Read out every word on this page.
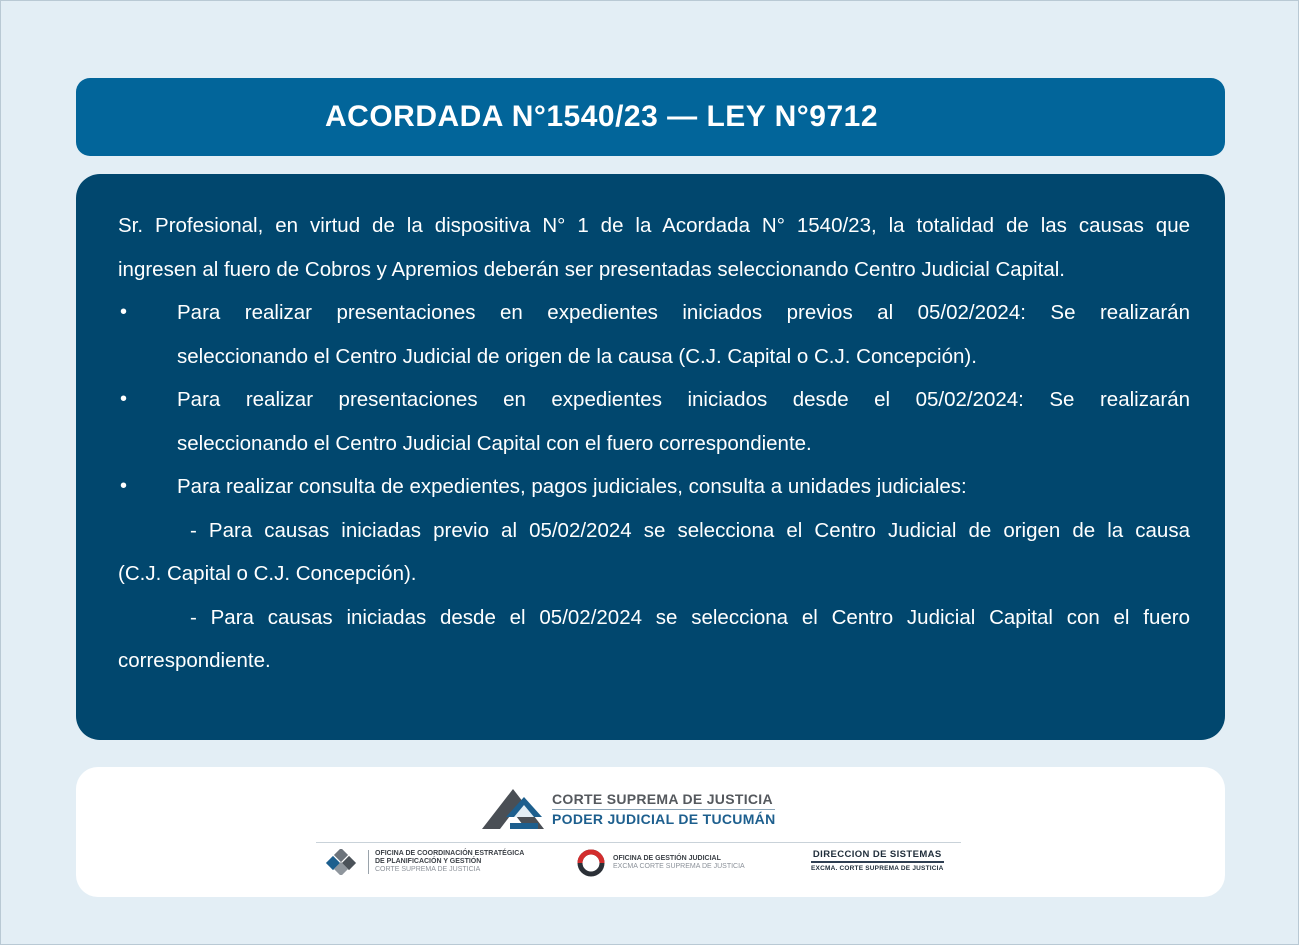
ACORDADA N°1540/23 — LEY N°9712
Sr. Profesional, en virtud de la dispositiva N° 1 de la Acordada N° 1540/23, la totalidad de las causas que
ingresen al fuero de Cobros y Apremios deberán ser presentadas seleccionando Centro Judicial Capital.
•	Para realizar presentaciones en expedientes iniciados previos al 05/02/2024: Se realizarán
seleccionando el Centro Judicial de origen de la causa (C.J. Capital o C.J. Concepción).
•	Para realizar presentaciones en expedientes iniciados desde el 05/02/2024: Se realizarán
seleccionando el Centro Judicial Capital con el fuero correspondiente.
•	Para realizar consulta de expedientes, pagos judiciales, consulta a unidades judiciales:
- Para causas iniciadas previo al 05/02/2024 se selecciona el Centro Judicial de origen de la causa
(C.J. Capital o C.J. Concepción).
- Para causas iniciadas desde el 05/02/2024 se selecciona el Centro Judicial Capital con el fuero
correspondiente.
CORTE SUPREMA DE JUSTICIA
PODER JUDICIAL DE TUCUMÁN
OFICINA DE COORDINACIÓN ESTRATÉGICA
DE PLANIFICACIÓN Y GESTIÓN
CORTE SUPREMA DE JUSTICIA
OFICINA DE GESTIÓN JUDICIAL
EXCMA CORTE SUPREMA DE JUSTICIA
DIRECCION DE SISTEMAS
EXCMA. CORTE SUPREMA DE JUSTICIA
